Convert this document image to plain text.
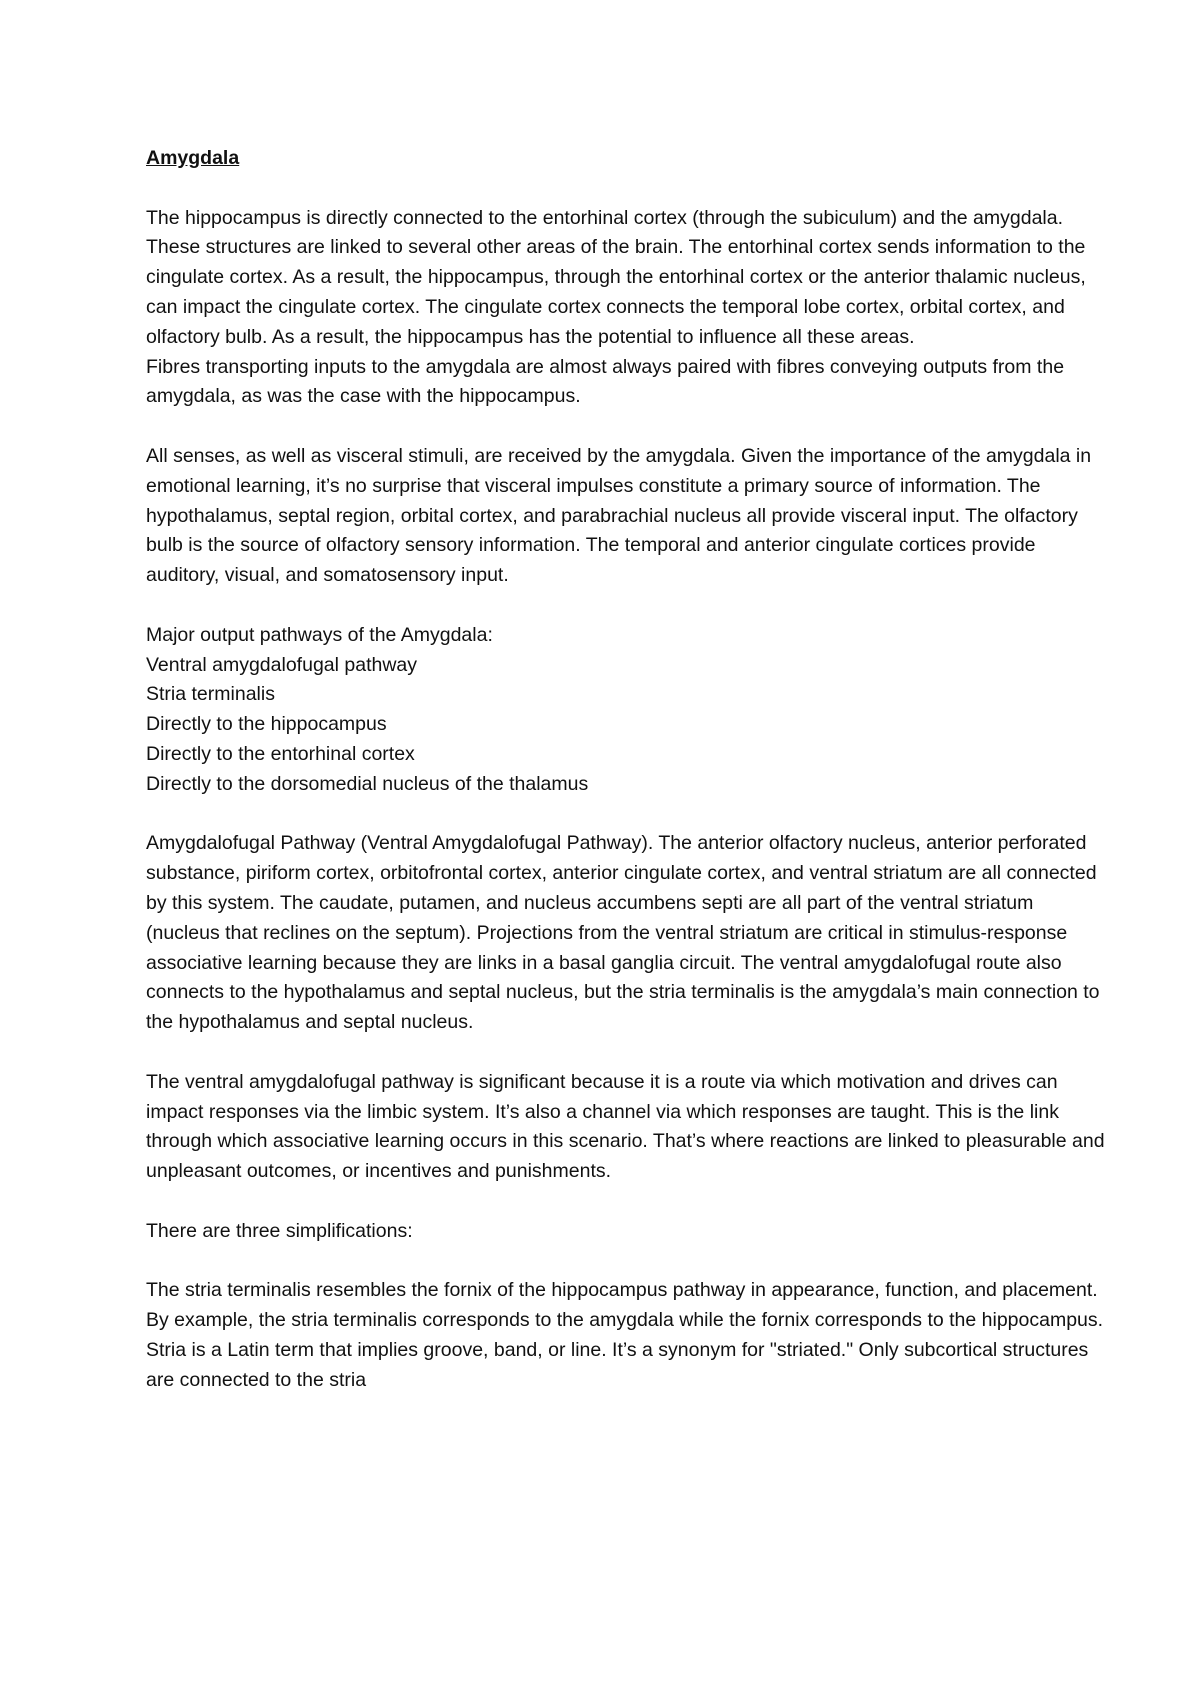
Amygdala

The hippocampus is directly connected to the entorhinal cortex (through the subiculum) and the amygdala. These structures are linked to several other areas of the brain. The entorhinal cortex sends information to the cingulate cortex. As a result, the hippocampus, through the entorhinal cortex or the anterior thalamic nucleus, can impact the cingulate cortex. The cingulate cortex connects the temporal lobe cortex, orbital cortex, and olfactory bulb. As a result, the hippocampus has the potential to influence all these areas.

Fibres transporting inputs to the amygdala are almost always paired with fibres conveying outputs from the amygdala, as was the case with the hippocampus.

All senses, as well as visceral stimuli, are received by the amygdala. Given the importance of the amygdala in emotional learning, it’s no surprise that visceral impulses constitute a primary source of information. The hypothalamus, septal region, orbital cortex, and parabrachial nucleus all provide visceral input. The olfactory bulb is the source of olfactory sensory information. The temporal and anterior cingulate cortices provide auditory, visual, and somatosensory input.

Major output pathways of the Amygdala:

Ventral amygdalofugal pathway
Stria terminalis
Directly to the hippocampus
Directly to the entorhinal cortex
Directly to the dorsomedial nucleus of the thalamus

Amygdalofugal Pathway (Ventral Amygdalofugal Pathway). The anterior olfactory nucleus, anterior perforated substance, piriform cortex, orbitofrontal cortex, anterior cingulate cortex, and ventral striatum are all connected by this system. The caudate, putamen, and nucleus accumbens septi are all part of the ventral striatum (nucleus that reclines on the septum). Projections from the ventral striatum are critical in stimulus-response associative learning because they are links in a basal ganglia circuit. The ventral amygdalofugal route also connects to the hypothalamus and septal nucleus, but the stria terminalis is the amygdala’s main connection to the hypothalamus and septal nucleus.

The ventral amygdalofugal pathway is significant because it is a route via which motivation and drives can impact responses via the limbic system. It’s also a channel via which responses are taught. This is the link through which associative learning occurs in this scenario. That’s where reactions are linked to pleasurable and unpleasant outcomes, or incentives and punishments.

There are three simplifications:

The stria terminalis resembles the fornix of the hippocampus pathway in appearance, function, and placement. By example, the stria terminalis corresponds to the amygdala while the fornix corresponds to the hippocampus. Stria is a Latin term that implies groove, band, or line. It’s a synonym for "striated." Only subcortical structures are connected to the stria
